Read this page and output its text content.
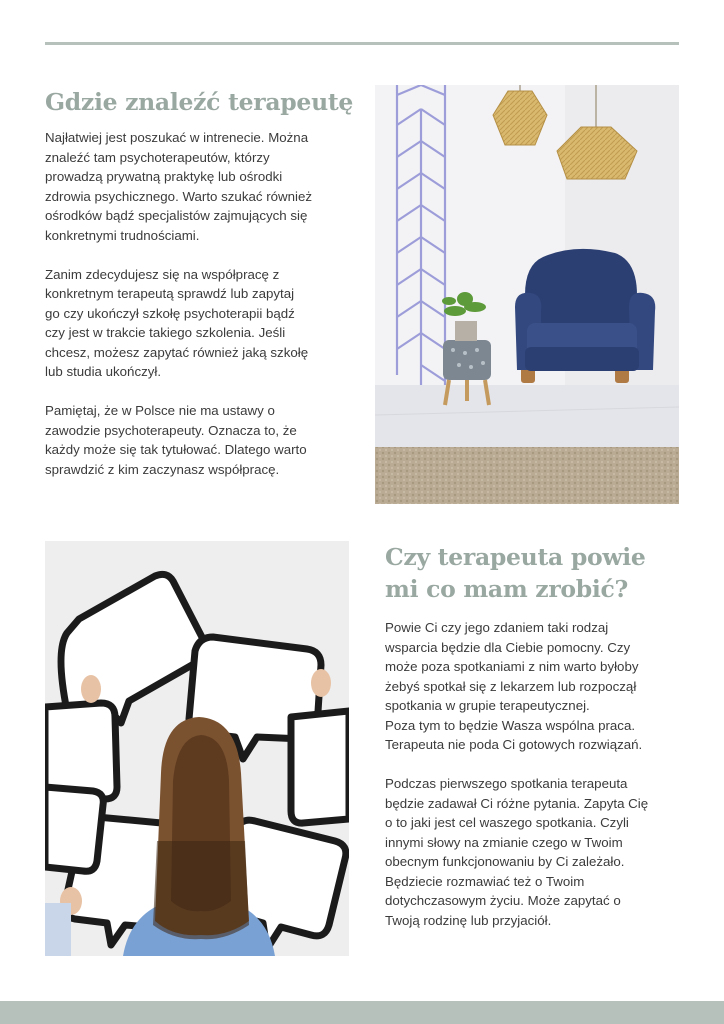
Gdzie znaleźć terapeutę

Najłatwiej jest poszukać w intrenecie. Można
znaleźć tam psychoterapeutów, którzy
prowadzą prywatną praktykę lub ośrodki
zdrowia psychicznego. Warto szukać również
ośrodków bądź specjalistów zajmujących się
konkretnymi trudnościami.

Zanim zdecydujesz się na współpracę z
konkretnym terapeutą sprawdź lub zapytaj
go czy ukończył szkołę psychoterapii bądź
czy jest w trakcie takiego szkolenia. Jeśli
chcesz, możesz zapytać również jaką szkołę
lub studia ukończył.

Pamiętaj, że w Polsce nie ma ustawy o
zawodzie psychoterapeuty. Oznacza to, że
każdy może się tak tytułować. Dlatego warto
sprawdzić z kim zaczynasz współpracę.

Czy terapeuta powie mi co mam zrobić?

Powie Ci czy jego zdaniem taki rodzaj
wsparcia będzie dla Ciebie pomocny. Czy
może poza spotkaniami z nim warto byłoby
żebyś spotkał się z lekarzem lub rozpoczął
spotkania w grupie terapeutycznej.
Poza tym to będzie Wasza wspólna praca.
Terapeuta nie poda Ci gotowych rozwiązań.

Podczas pierwszego spotkania terapeuta
będzie zadawał Ci różne pytania. Zapyta Cię
o to jaki jest cel waszego spotkania. Czyli
innymi słowy na zmianie czego w Twoim
obecnym funkcjonowaniu by Ci zależało.
Będziecie rozmawiać też o Twoim
dotychczasowym życiu. Może zapytać o
Twoją rodzinę lub przyjaciół.
